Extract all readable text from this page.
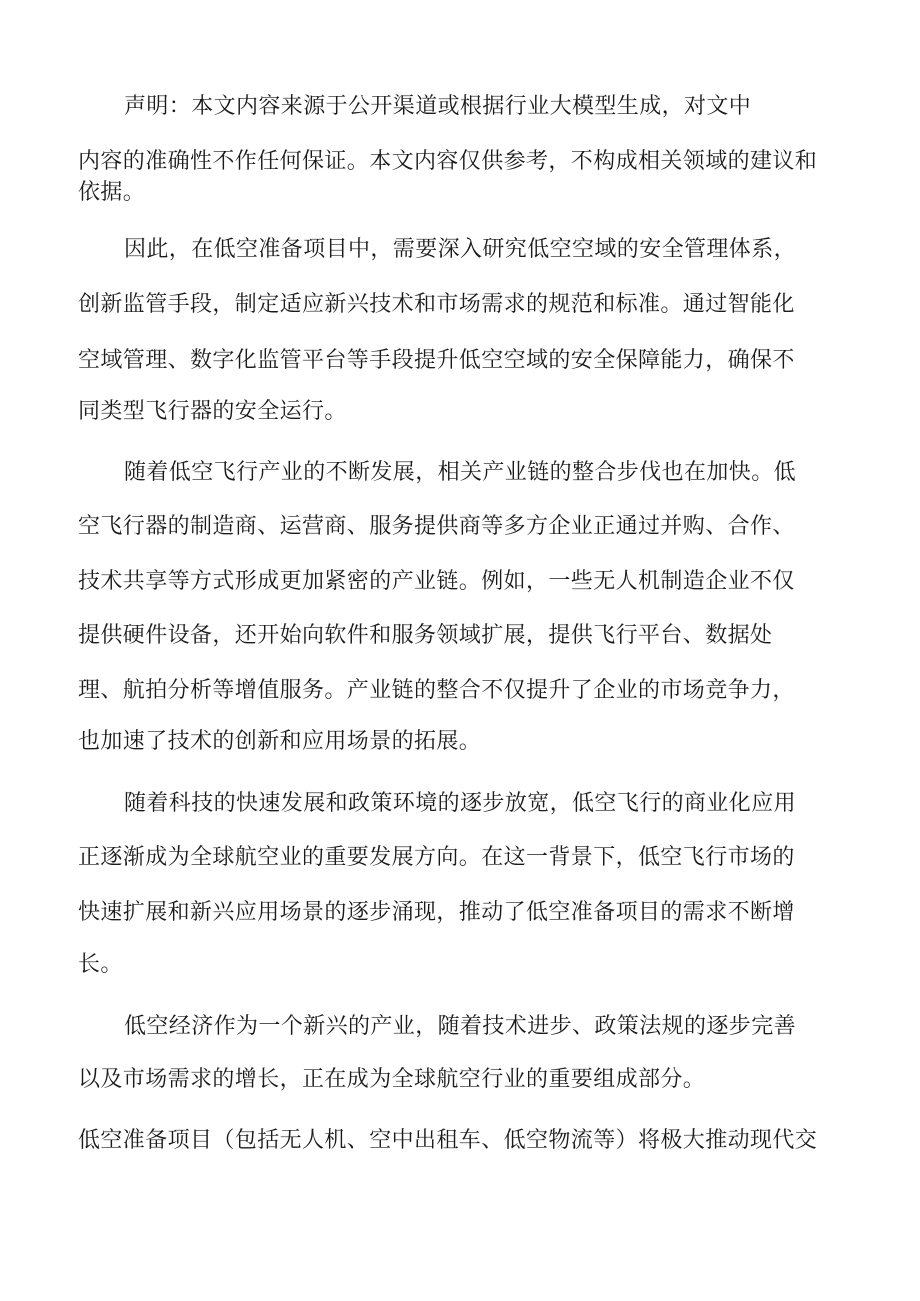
声明：本文内容来源于公开渠道或根据行业大模型生成，对文中
内容的准确性不作任何保证。本文内容仅供参考，不构成相关领域的建议和
依据。
因此，在低空准备项目中，需要深入研究低空空域的安全管理体系，
创新监管手段，制定适应新兴技术和市场需求的规范和标准。通过智能化
空域管理、数字化监管平台等手段提升低空空域的安全保障能力，确保不
同类型飞行器的安全运行。
随着低空飞行产业的不断发展，相关产业链的整合步伐也在加快。低
空飞行器的制造商、运营商、服务提供商等多方企业正通过并购、合作、
技术共享等方式形成更加紧密的产业链。例如，一些无人机制造企业不仅
提供硬件设备，还开始向软件和服务领域扩展，提供飞行平台、数据处
理、航拍分析等增值服务。产业链的整合不仅提升了企业的市场竞争力，
也加速了技术的创新和应用场景的拓展。
随着科技的快速发展和政策环境的逐步放宽，低空飞行的商业化应用
正逐渐成为全球航空业的重要发展方向。在这一背景下，低空飞行市场的
快速扩展和新兴应用场景的逐步涌现，推动了低空准备项目的需求不断增
长。
低空经济作为一个新兴的产业，随着技术进步、政策法规的逐步完善
以及市场需求的增长，正在成为全球航空行业的重要组成部分。
低空准备项目（包括无人机、空中出租车、低空物流等）将极大推动现代交
